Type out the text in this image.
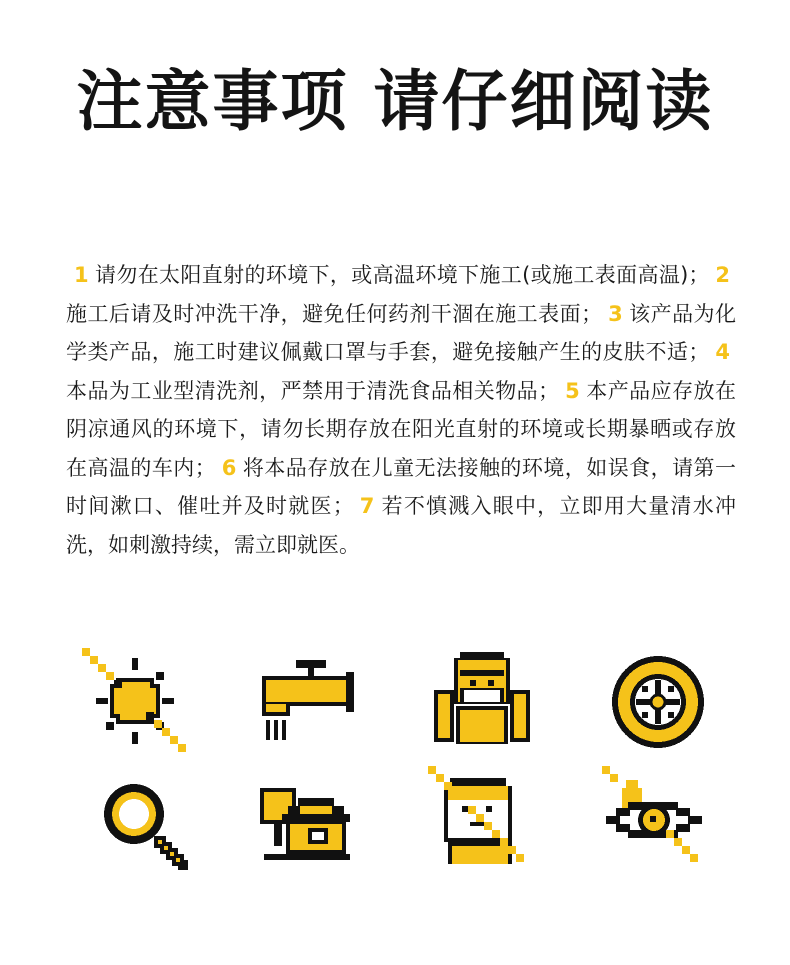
注意事项 请仔细阅读
1 请勿在太阳直射的环境下，或高温环境下施工(或施工表面高温)； 2施工后请及时冲洗干净，避免任何药剂干涸在施工表面； 3 该产品为化学类产品，施工时建议佩戴口罩与手套，避免接触产生的皮肤不适； 4本品为工业型清洗剂，严禁用于清洗食品相关物品； 5 本产品应存放在阴凉通风的环境下，请勿长期存放在阳光直射的环境或长期暴晒或存放在高温的车内； 6 将本品存放在儿童无法接触的环境，如误食，请第一时间漱口、催吐并及时就医； 7 若不慎溅入眼中，立即用大量清水冲洗，如刺激持续，需立即就医。
